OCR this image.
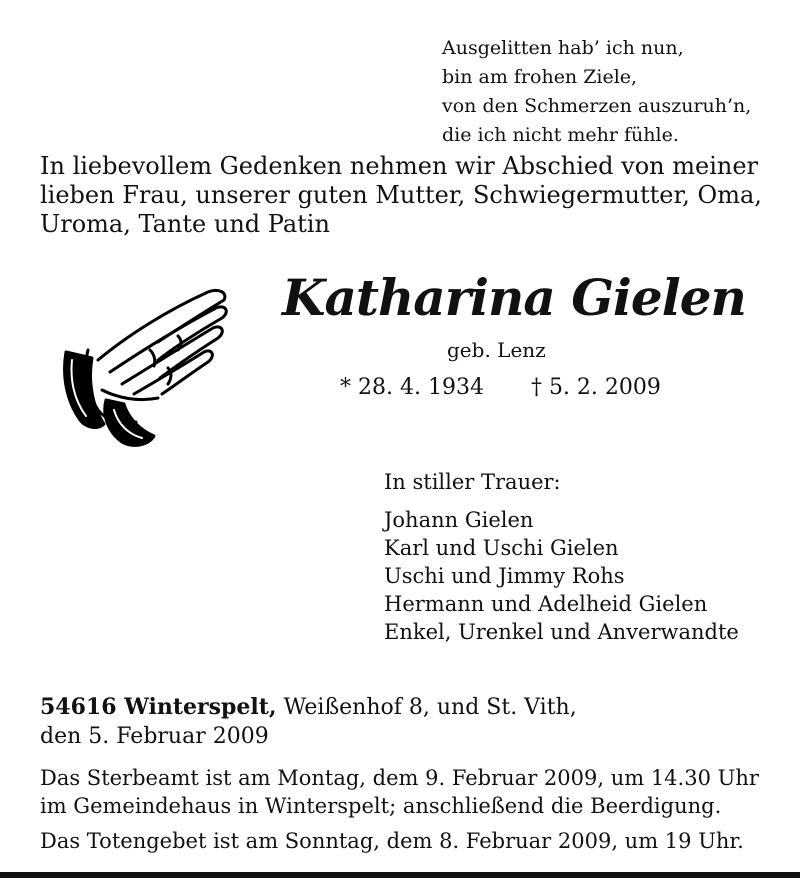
Ausgelitten hab’ ich nun,
bin am frohen Ziele,
von den Schmerzen auszuruh’n,
die ich nicht mehr fühle.
In liebevollem Gedenken nehmen wir Abschied von meiner lieben Frau, unserer guten Mutter, Schwiegermutter, Oma, Uroma, Tante und Patin
Katharina Gielen
geb. Lenz
* 28. 4. 1934 † 5. 2. 2009
In stiller Trauer:
Johann Gielen
Karl und Uschi Gielen
Uschi und Jimmy Rohs
Hermann und Adelheid Gielen
Enkel, Urenkel und Anverwandte
54616 Winterspelt, Weißenhof 8, und St. Vith,
den 5. Februar 2009
Das Sterbeamt ist am Montag, dem 9. Februar 2009, um 14.30 Uhr im Gemeindehaus in Winterspelt; anschließend die Beerdigung.
Das Totengebet ist am Sonntag, dem 8. Februar 2009, um 19 Uhr.
